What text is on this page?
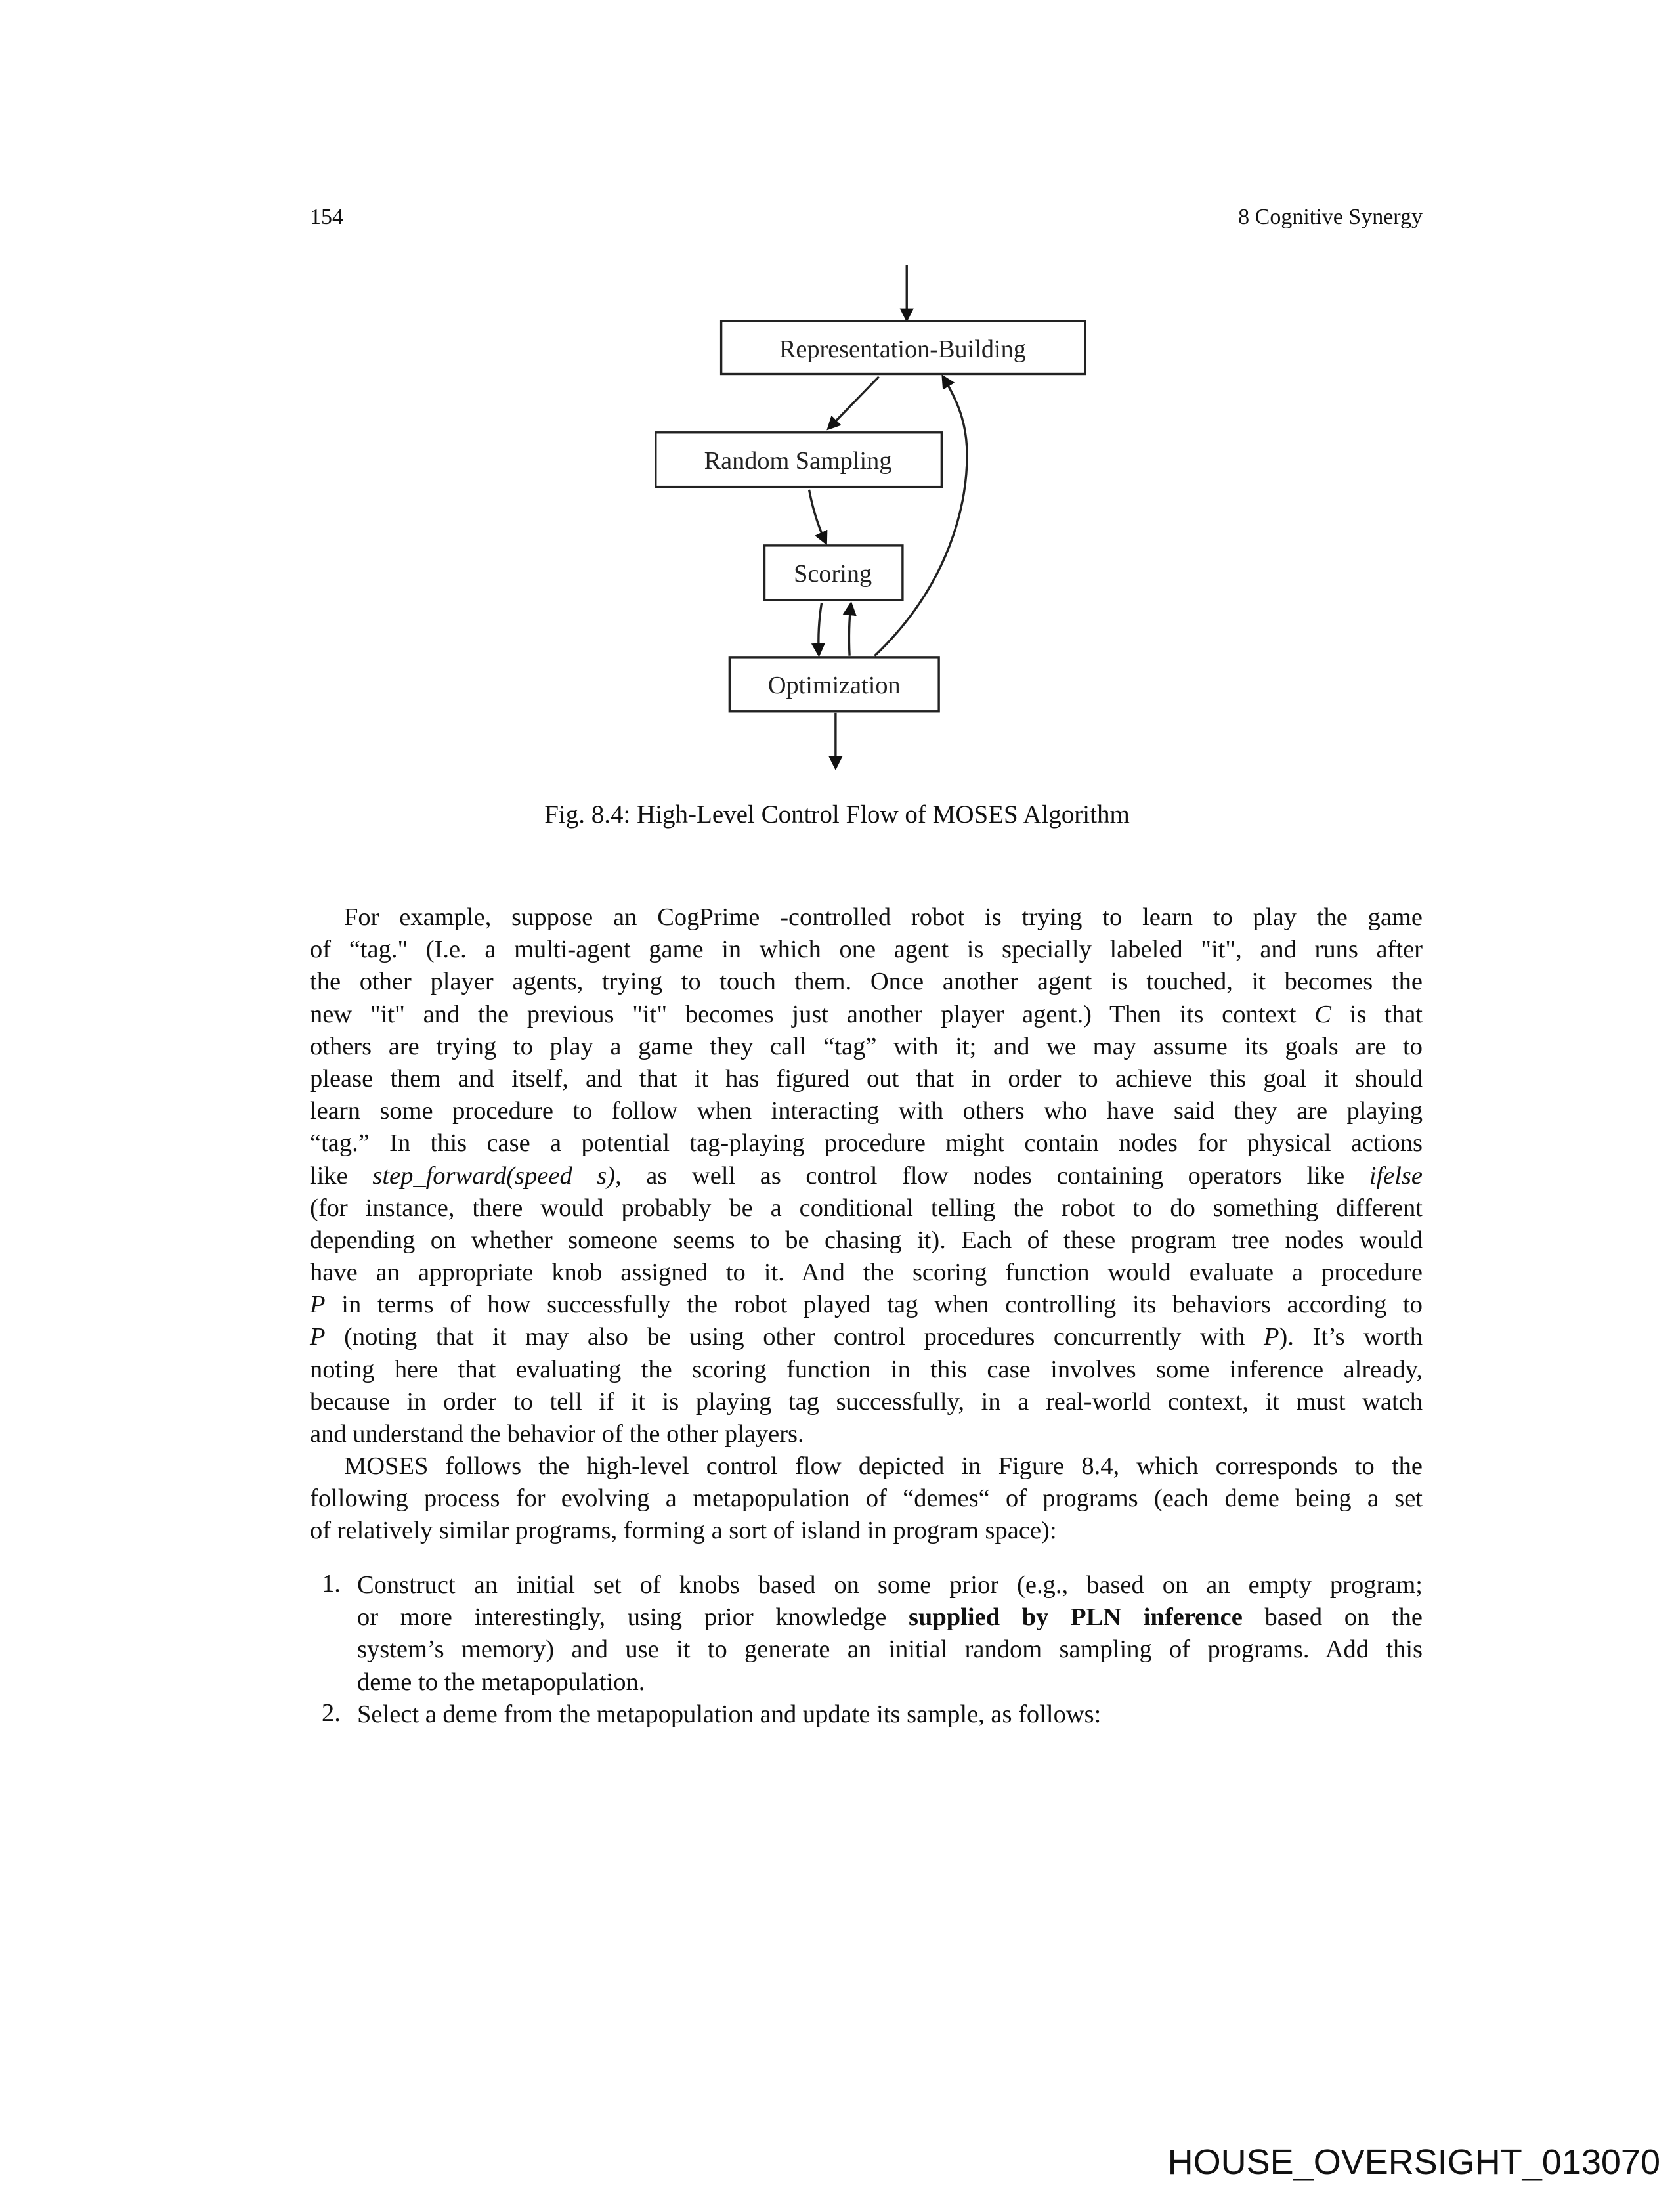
154	8 Cognitive Synergy
Representation-Building
Random Sampling
Scoring
Optimization
Fig. 8.4: High-Level Control Flow of MOSES Algorithm
For example, suppose an CogPrime -controlled robot is trying to learn to play the game
of “tag." (I.e. a multi-agent game in which one agent is specially labeled "it", and runs after
the other player agents, trying to touch them. Once another agent is touched, it becomes the
new "it" and the previous "it" becomes just another player agent.) Then its context C is that
others are trying to play a game they call “tag” with it; and we may assume its goals are to
please them and itself, and that it has figured out that in order to achieve this goal it should
learn some procedure to follow when interacting with others who have said they are playing
“tag.” In this case a potential tag-playing procedure might contain nodes for physical actions
like step_forward(speed s), as well as control flow nodes containing operators like ifelse
(for instance, there would probably be a conditional telling the robot to do something different
depending on whether someone seems to be chasing it). Each of these program tree nodes would
have an appropriate knob assigned to it. And the scoring function would evaluate a procedure
P in terms of how successfully the robot played tag when controlling its behaviors according to
P (noting that it may also be using other control procedures concurrently with P). It’s worth
noting here that evaluating the scoring function in this case involves some inference already,
because in order to tell if it is playing tag successfully, in a real-world context, it must watch
and understand the behavior of the other players.
MOSES follows the high-level control flow depicted in Figure 8.4, which corresponds to the
following process for evolving a metapopulation of “demes“ of programs (each deme being a set
of relatively similar programs, forming a sort of island in program space):
1. Construct an initial set of knobs based on some prior (e.g., based on an empty program;
or more interestingly, using prior knowledge supplied by PLN inference based on the
system’s memory) and use it to generate an initial random sampling of programs. Add this
deme to the metapopulation.
2. Select a deme from the metapopulation and update its sample, as follows:
HOUSE_OVERSIGHT_013070
